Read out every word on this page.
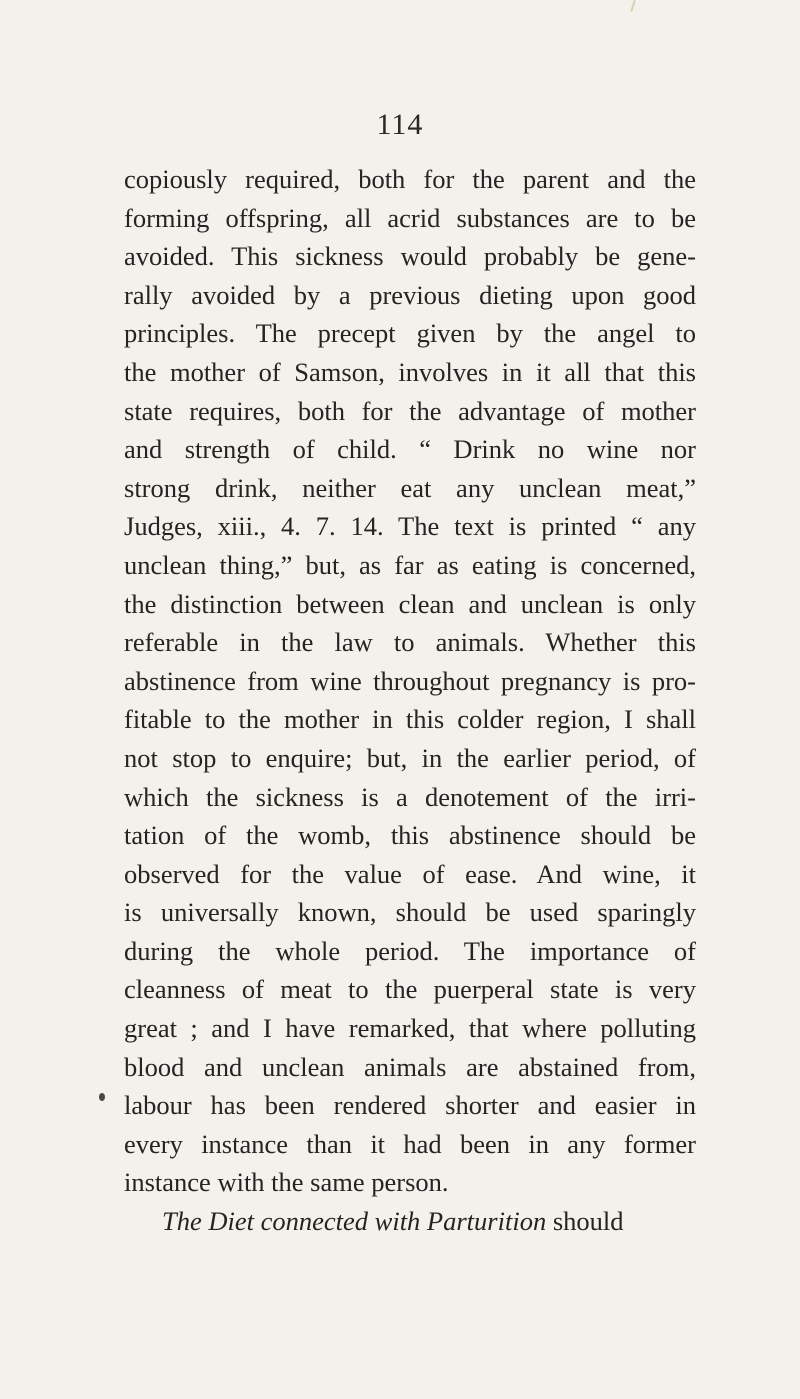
114
copiously required, both for the parent and the
forming offspring, all acrid substances are to be
avoided. This sickness would probably be gene-
rally avoided by a previous dieting upon good
principles. The precept given by the angel to
the mother of Samson, involves in it all that this
state requires, both for the advantage of mother
and strength of child. “ Drink no wine nor
strong drink, neither eat any unclean meat,”
Judges, xiii., 4. 7. 14. The text is printed “ any
unclean thing,” but, as far as eating is concerned,
the distinction between clean and unclean is only
referable in the law to animals. Whether this
abstinence from wine throughout pregnancy is pro-
fitable to the mother in this colder region, I shall
not stop to enquire; but, in the earlier period, of
which the sickness is a denotement of the irri-
tation of the womb, this abstinence should be
observed for the value of ease. And wine, it
is universally known, should be used sparingly
during the whole period. The importance of
cleanness of meat to the puerperal state is very
great ; and I have remarked, that where polluting
blood and unclean animals are abstained from,
labour has been rendered shorter and easier in
every instance than it had been in any former
instance with the same person.
The Diet connected with Parturition should
